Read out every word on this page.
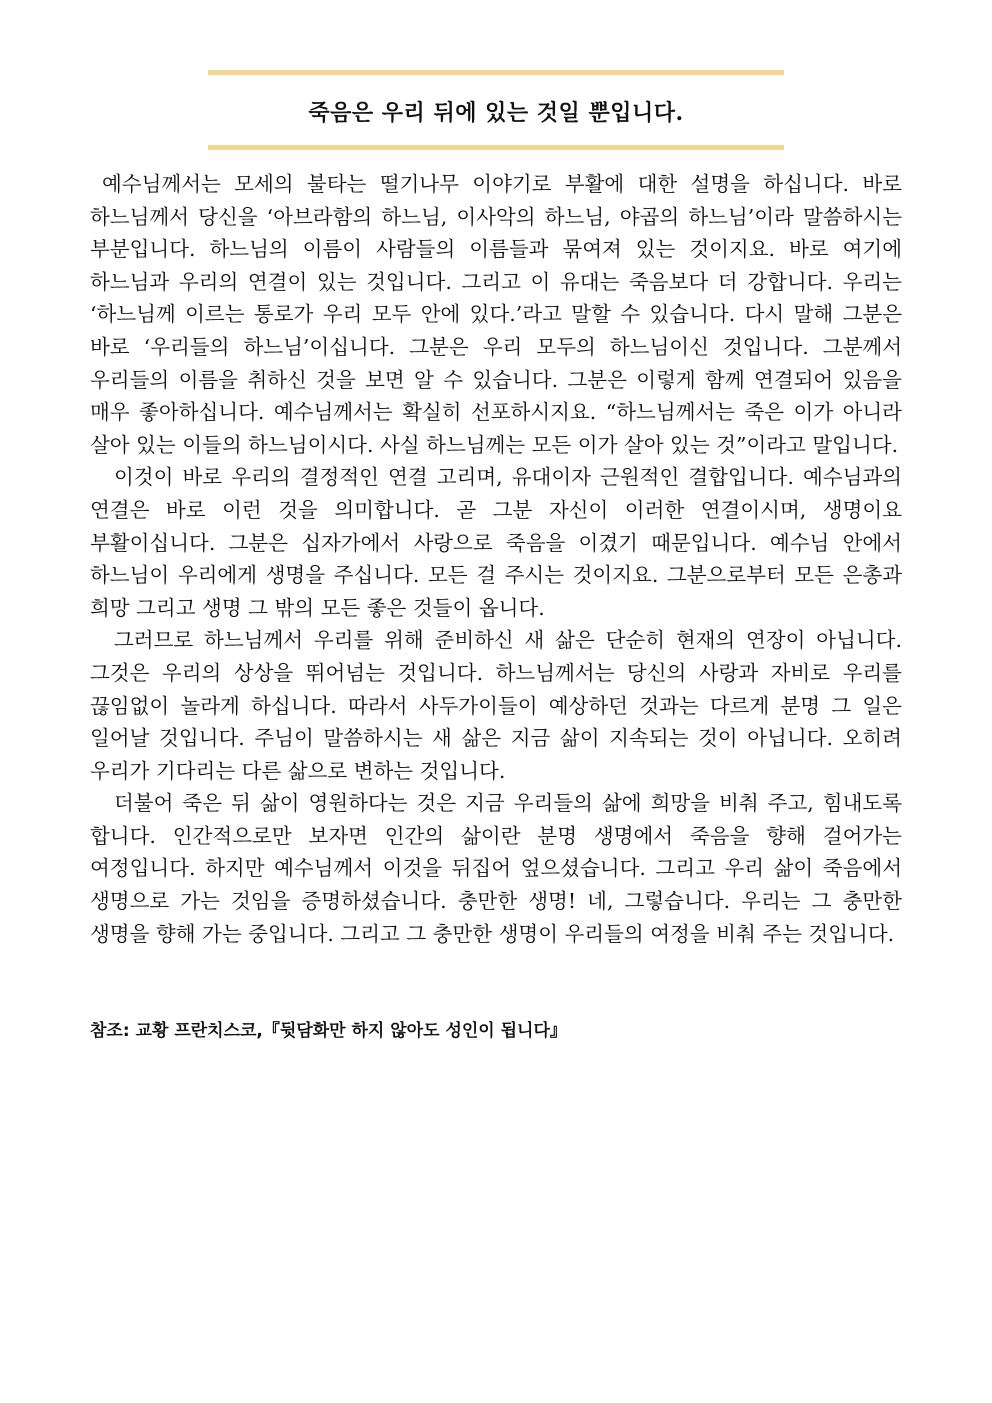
죽음은 우리 뒤에 있는 것일 뿐입니다.

예수님께서는 모세의 불타는 떨기나무 이야기로 부활에 대한 설명을 하십니다. 바로 하느님께서 당신을 ‘아브라함의 하느님, 이사악의 하느님, 야곱의 하느님’이라 말씀하시는 부분입니다. 하느님의 이름이 사람들의 이름들과 묶여져 있는 것이지요. 바로 여기에 하느님과 우리의 연결이 있는 것입니다. 그리고 이 유대는 죽음보다 더 강합니다. 우리는 ‘하느님께 이르는 통로가 우리 모두 안에 있다.’라고 말할 수 있습니다. 다시 말해 그분은 바로 ‘우리들의 하느님’이십니다. 그분은 우리 모두의 하느님이신 것입니다. 그분께서 우리들의 이름을 취하신 것을 보면 알 수 있습니다. 그분은 이렇게 함께 연결되어 있음을 매우 좋아하십니다. 예수님께서는 확실히 선포하시지요. “하느님께서는 죽은 이가 아니라 살아 있는 이들의 하느님이시다. 사실 하느님께는 모든 이가 살아 있는 것”이라고 말입니다.

이것이 바로 우리의 결정적인 연결 고리며, 유대이자 근원적인 결합입니다. 예수님과의 연결은 바로 이런 것을 의미합니다. 곧 그분 자신이 이러한 연결이시며, 생명이요 부활이십니다. 그분은 십자가에서 사랑으로 죽음을 이겼기 때문입니다. 예수님 안에서 하느님이 우리에게 생명을 주십니다. 모든 걸 주시는 것이지요. 그분으로부터 모든 은총과 희망 그리고 생명 그 밖의 모든 좋은 것들이 옵니다.

그러므로 하느님께서 우리를 위해 준비하신 새 삶은 단순히 현재의 연장이 아닙니다. 그것은 우리의 상상을 뛰어넘는 것입니다. 하느님께서는 당신의 사랑과 자비로 우리를 끊임없이 놀라게 하십니다. 따라서 사두가이들이 예상하던 것과는 다르게 분명 그 일은 일어날 것입니다. 주님이 말씀하시는 새 삶은 지금 삶이 지속되는 것이 아닙니다. 오히려 우리가 기다리는 다른 삶으로 변하는 것입니다.

더불어 죽은 뒤 삶이 영원하다는 것은 지금 우리들의 삶에 희망을 비춰 주고, 힘내도록 합니다. 인간적으로만 보자면 인간의 삶이란 분명 생명에서 죽음을 향해 걸어가는 여정입니다. 하지만 예수님께서 이것을 뒤집어 엎으셨습니다. 그리고 우리 삶이 죽음에서 생명으로 가는 것임을 증명하셨습니다. 충만한 생명! 네, 그렇습니다. 우리는 그 충만한 생명을 향해 가는 중입니다. 그리고 그 충만한 생명이 우리들의 여정을 비춰 주는 것입니다.

참조: 교황 프란치스코,『뒷담화만 하지 않아도 성인이 됩니다』
